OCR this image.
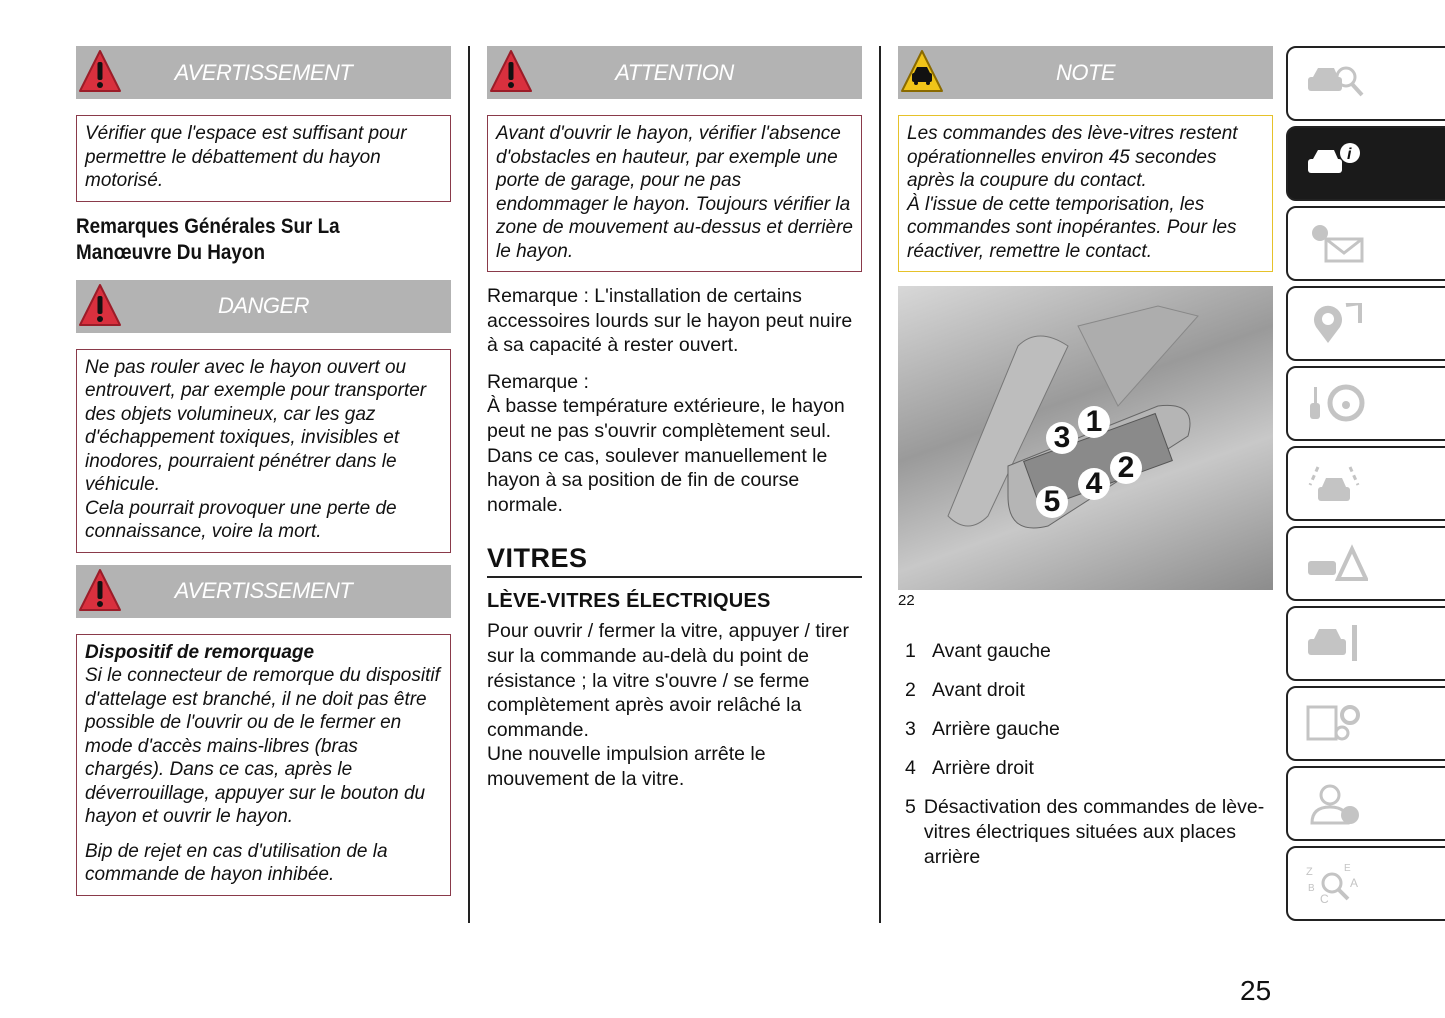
AVERTISSEMENT
Vérifier que l'espace est suffisant pour permettre le débattement du hayon motorisé.
Remarques Générales Sur La Manœuvre Du Hayon
DANGER
Ne pas rouler avec le hayon ouvert ou entrouvert, par exemple pour transporter des objets volumineux, car les gaz d'échappement toxiques, invisibles et inodores, pourraient pénétrer dans le véhicule.
Cela pourrait provoquer une perte de connaissance, voire la mort.
AVERTISSEMENT
Dispositif de remorquage
Si le connecteur de remorque du dispositif d'attelage est branché, il ne doit pas être possible de l'ouvrir ou de le fermer en mode d'accès mains-libres (bras chargés). Dans ce cas, après le déverrouillage, appuyer sur le bouton du hayon et ouvrir le hayon.
Bip de rejet en cas d'utilisation de la commande de hayon inhibée.
ATTENTION
Avant d'ouvrir le hayon, vérifier l'absence d'obstacles en hauteur, par exemple une porte de garage, pour ne pas endommager le hayon. Toujours vérifier la zone de mouvement au-dessus et derrière le hayon.

Remarque : L'installation de certains accessoires lourds sur le hayon peut nuire à sa capacité à rester ouvert.

Remarque :

À basse température extérieure, le hayon peut ne pas s'ouvrir complètement seul. Dans ce cas, soulever manuellement le hayon à sa position de fin de course normale.

VITRES
LÈVE-VITRES ÉLECTRIQUES

Pour ouvrir / fermer la vitre, appuyer / tirer sur la commande au-delà du point de résistance ; la vitre s'ouvre / se ferme complètement après avoir relâché la commande.

Une nouvelle impulsion arrête le mouvement de la vitre.

NOTE
Les commandes des lève-vitres restent opérationnelles environ 45 secondes après la coupure du contact.
À l'issue de cette temporisation, les commandes sont inopérantes. Pour les réactiver, remettre le contact.
3 1
2
4
5
22
1 Avant gauche
2 Avant droit
3 Arrière gauche
4 Arrière droit
5 Désactivation des commandes de lève-vitres électriques situées aux places arrière
i
Z	E
A
B
C
25
